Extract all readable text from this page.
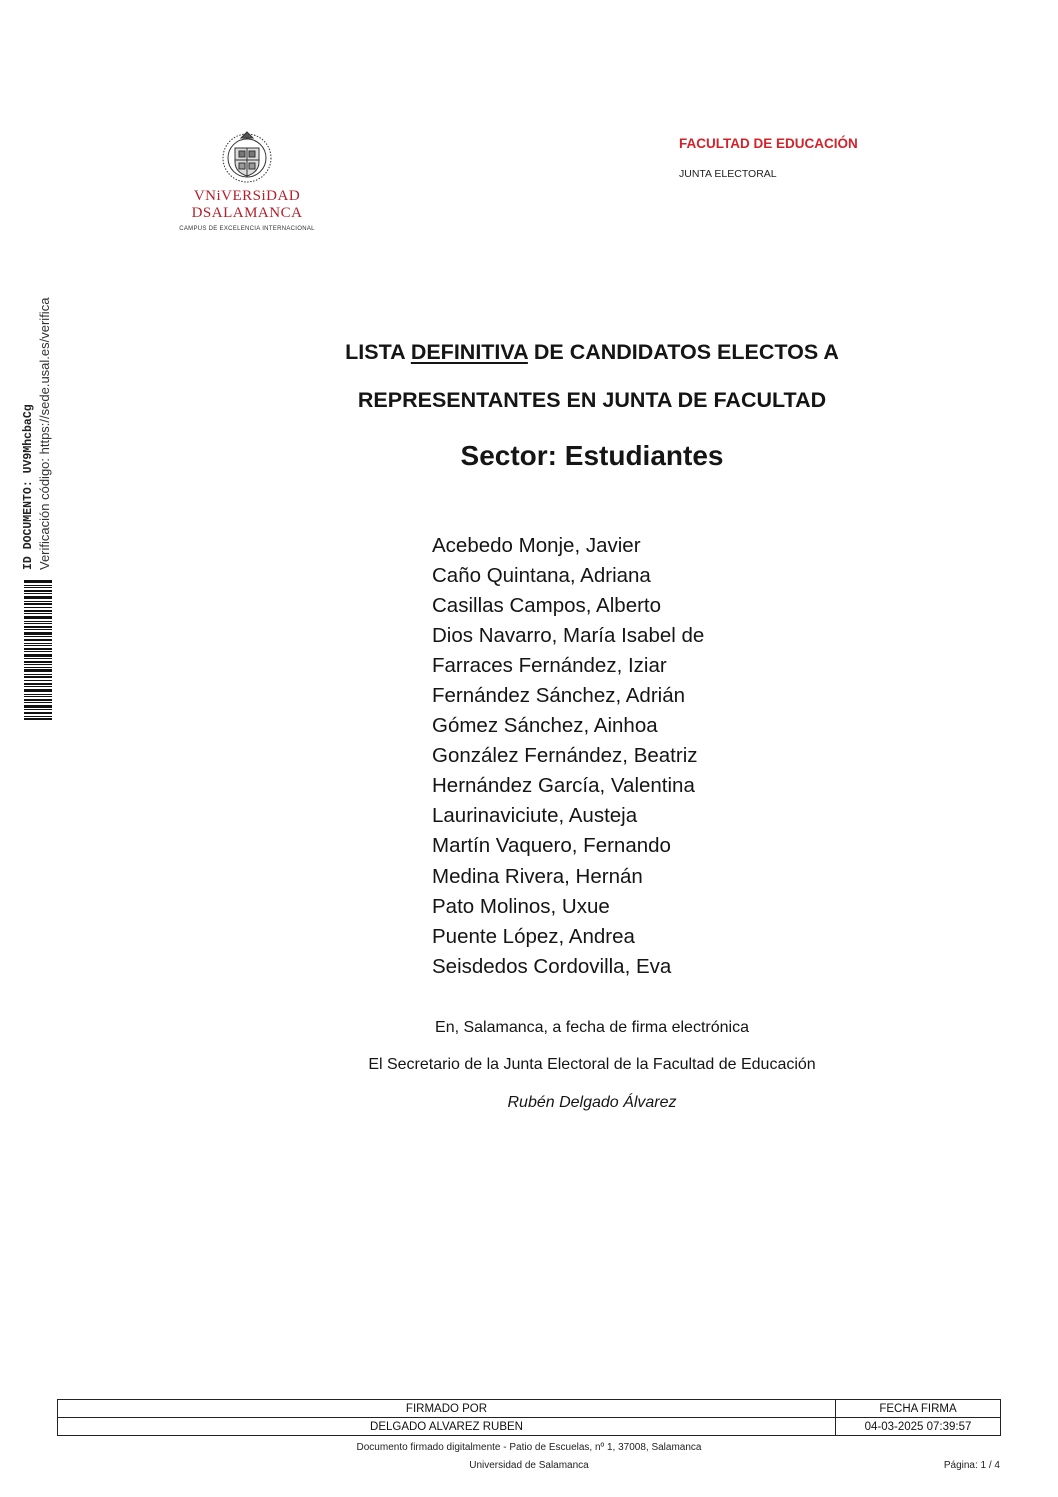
VNiVERSiDAD
DSALAMANCA
CAMPUS DE EXCELENCIA INTERNACIONAL
FACULTAD DE EDUCACIÓN
JUNTA ELECTORAL
ID DOCUMENTO: UV9MhcbaCg Verificación código: https://sede.usal.es/verifica	LISTA DEFINITIVA DE CANDIDATOS ELECTOS A
REPRESENTANTES EN JUNTA DE FACULTAD
Sector: Estudiantes
Acebedo Monje, Javier
Caño Quintana, Adriana
Casillas Campos, Alberto
Dios Navarro, María Isabel de
Farraces Fernández, Iziar
Fernández Sánchez, Adrián
Gómez Sánchez, Ainhoa
González Fernández, Beatriz
Hernández García, Valentina
Laurinaviciute, Austeja
Martín Vaquero, Fernando
Medina Rivera, Hernán
Pato Molinos, Uxue
Puente López, Andrea
Seisdedos Cordovilla, Eva
En, Salamanca, a fecha de firma electrónica
El Secretario de la Junta Electoral de la Facultad de Educación
Rubén Delgado Álvarez
FIRMADO POR	FECHA FIRMA
DELGADO ALVAREZ RUBEN	04-03-2025 07:39:57
Documento firmado digitalmente - Patio de Escuelas, nº 1, 37008, Salamanca
Universidad de Salamanca	Página: 1 / 4
